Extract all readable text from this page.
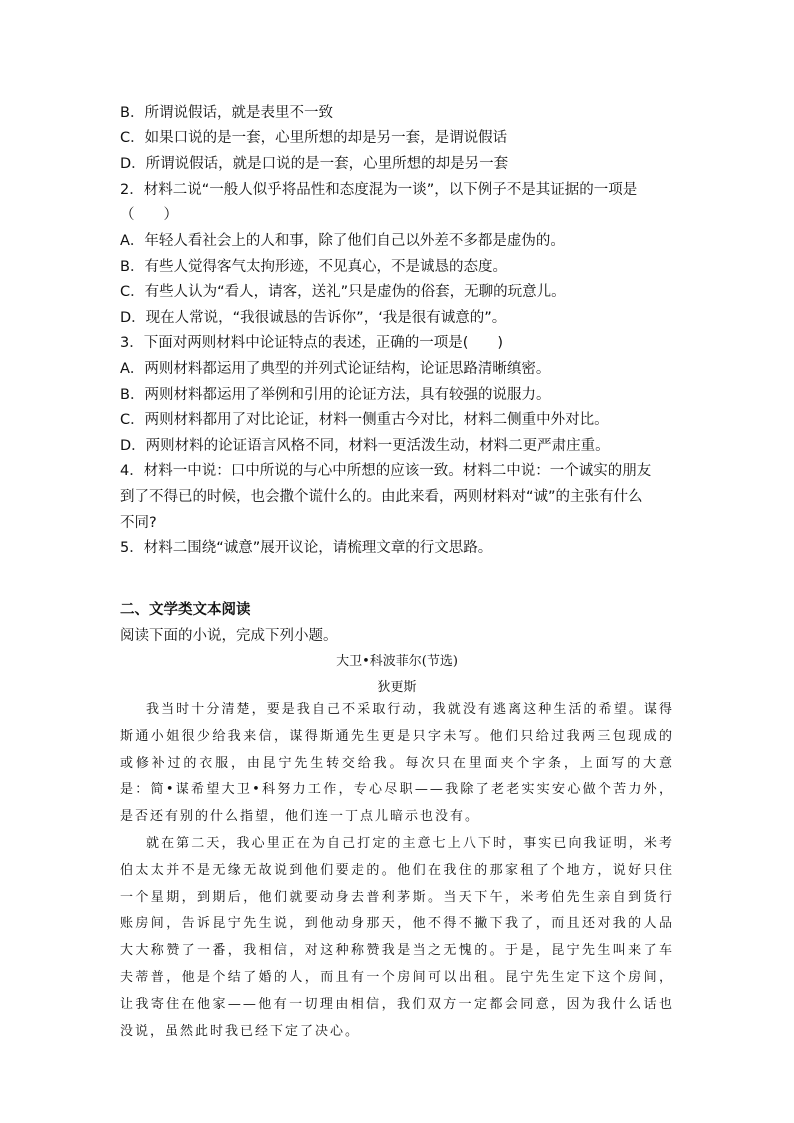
B．所谓说假话，就是表里不一致
C．如果口说的是一套，心里所想的却是另一套，是谓说假话
D．所谓说假话，就是口说的是一套，心里所想的却是另一套
2．材料二说“一般人似乎将品性和态度混为一谈”，以下例子不是其证据的一项是
（　　）
A．年轻人看社会上的人和事，除了他们自己以外差不多都是虚伪的。
B．有些人觉得客气太拘形迹，不见真心，不是诚恳的态度。
C．有些人认为“看人，请客，送礼”只是虚伪的俗套，无聊的玩意儿。
D．现在人常说，“我很诚恳的告诉你”，‘我是很有诚意的”。
3．下面对两则材料中论证特点的表述，正确的一项是(　　)
A．两则材料都运用了典型的并列式论证结构，论证思路清晰缜密。
B．两则材料都运用了举例和引用的论证方法，具有较强的说服力。
C．两则材料都用了对比论证，材料一侧重古今对比，材料二侧重中外对比。
D．两则材料的论证语言风格不同，材料一更活泼生动，材料二更严肃庄重。
4．材料一中说：口中所说的与心中所想的应该一致。材料二中说：一个诚实的朋友
到了不得已的时候，也会撒个谎什么的。由此来看，两则材料对“诚”的主张有什么
不同?
5．材料二围绕“诚意”展开议论，请梳理文章的行文思路。
二、文学类文本阅读
阅读下面的小说，完成下列小题。
大卫•科波菲尔(节选)
狄更斯

我当时十分清楚，要是我自己不采取行动，我就没有逃离这种生活的希望。谋得斯通小姐很少给我来信，谋得斯通先生更是只字未写。他们只给过我两三包现成的或修补过的衣服，由昆宁先生转交给我。每次只在里面夹个字条，上面写的大意是：简•谋希望大卫•科努力工作，专心尽职——我除了老老实实安心做个苦力外，是否还有别的什么指望，他们连一丁点儿暗示也没有。

就在第二天，我心里正在为自己打定的主意七上八下时，事实已向我证明，米考伯太太并不是无缘无故说到他们要走的。他们在我住的那家租了个地方，说好只住一个星期，到期后，他们就要动身去普利茅斯。当天下午，米考伯先生亲自到货行账房间，告诉昆宁先生说，到他动身那天，他不得不撇下我了，而且还对我的人品大大称赞了一番，我相信，对这种称赞我是当之无愧的。于是，昆宁先生叫来了车夫蒂普，他是个结了婚的人，而且有一个房间可以出租。昆宁先生定下这个房间，让我寄住在他家——他有一切理由相信，我们双方一定都会同意，因为我什么话也没说，虽然此时我已经下定了决心。
